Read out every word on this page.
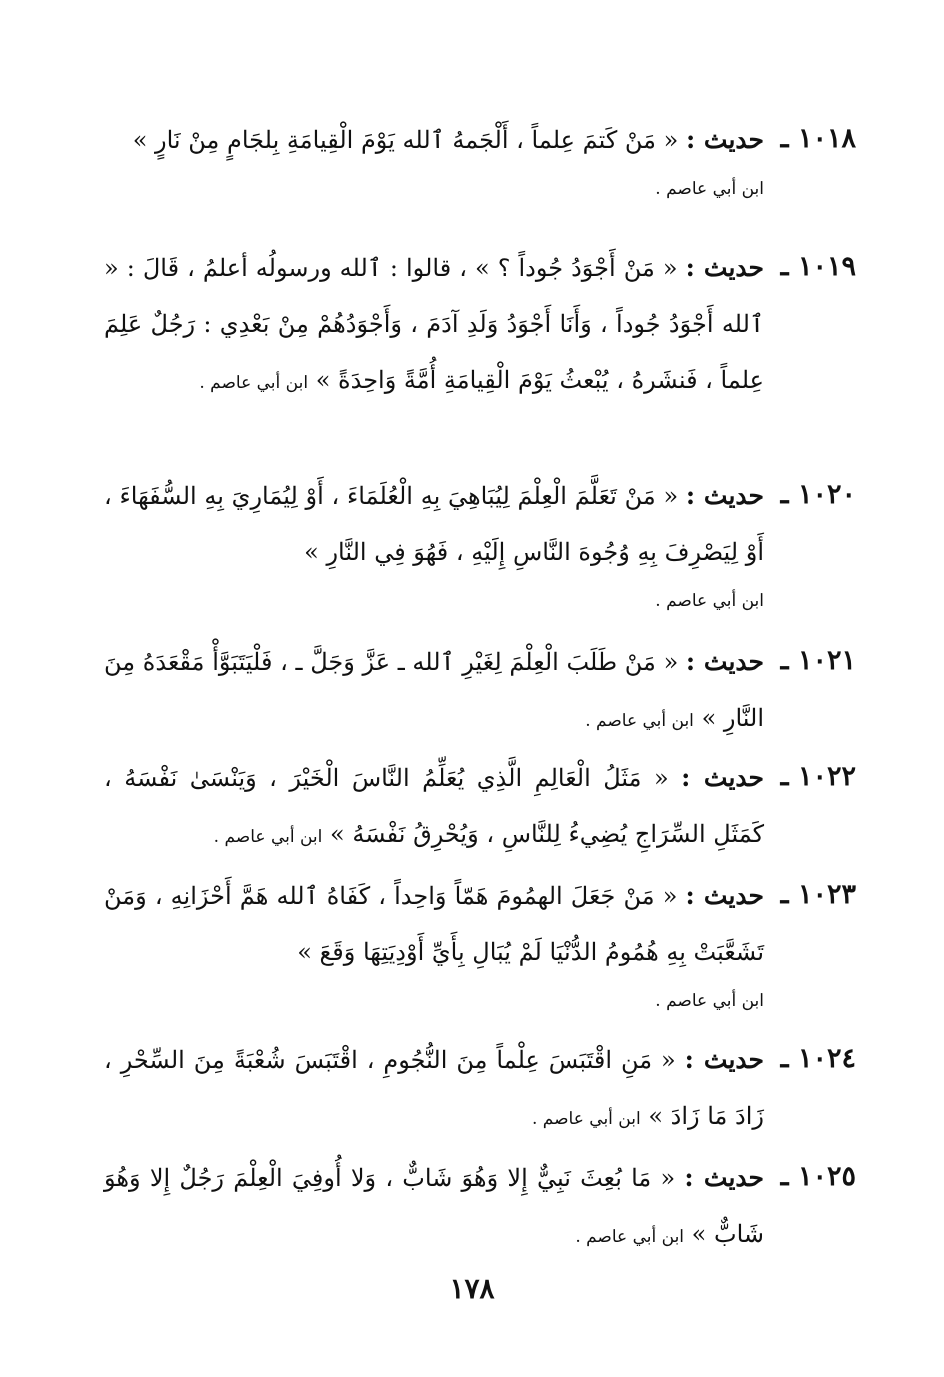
١٠١٨ ـ
حديث : « مَنْ كَتمَ عِلماً ، أَلْجَمهُ ٱلله يَوْمَ الْقِيامَةِ بِلجَامٍ مِنْ نَارٍ »
ابن أبي عاصم .
١٠١٩ ـ
حديث : « مَنْ أَجْوَدُ جُوداً ؟ » ، قالوا : ٱلله ورسولُه أعلمُ ، قَالَ : « ٱلله أَجْوَدُ جُوداً ، وَأَنَا أَجْوَدُ وَلَدِ آدَمَ ، وَأَجْوَدُهُمْ مِنْ بَعْدِي : رَجُلٌ عَلِمَ عِلماً ، فَنشَرهُ ، يُبْعثُ يَوْمَ الْقِيامَةِ أُمَّةً وَاحِدَةً » ابن أبي عاصم .
١٠٢٠ ـ
حديث : « مَنْ تَعَلَّمَ الْعِلْمَ لِيُبَاهِيَ بِهِ الْعُلَمَاءَ ، أَوْ لِيُمَارِيَ بِهِ السُّفَهَاءَ ، أَوْ لِيَصْرِفَ بِهِ وُجُوهَ النَّاسِ إِلَيْهِ ، فَهُوَ فِي النَّارِ »
ابن أبي عاصم .
١٠٢١ ـ
حديث : « مَنْ طَلَبَ الْعِلْمَ لِغَيْرِ ٱلله ـ عَزَّ وَجَلَّ ـ ، فَلْيَتَبَوَّأْ مَقْعَدَهُ مِنَ النَّارِ » ابن أبي عاصم .
١٠٢٢ ـ
حديث : « مَثَلُ الْعَالِمِ الَّذِي يُعَلِّمُ النَّاسَ الْخَيْرَ ، وَيَنْسَىٰ نَفْسَهُ ، كَمَثَلِ السِّرَاجِ يُضِيءُ لِلنَّاسِ ، وَيُحْرِقُ نَفْسَهُ » ابن أبي عاصم .
١٠٢٣ ـ
حديث : « مَنْ جَعَلَ الهمُومَ هَمّاً وَاحِداً ، كَفَاهُ ٱلله هَمَّ أَحْزَانِهِ ، وَمَنْ تَشَعَّبَتْ بِهِ هُمُومُ الدُّنْيَا لَمْ يُبَالِ بِأَيِّ أَوْدِيَتِهَا وَقَعَ »
ابن أبي عاصم .
١٠٢٤ ـ
حديث : « مَنِ اقْتَبَسَ عِلْماً مِنَ النُّجُومِ ، اقْتَبَسَ شُعْبَةً مِنَ السِّحْرِ ، زَادَ مَا زَادَ » ابن أبي عاصم .
١٠٢٥ ـ
حديث : « مَا بُعِثَ نَبِيٌّ إِلا وَهُوَ شَابٌّ ، وَلا أُوفِيَ الْعِلْمَ رَجُلٌ إِلا وَهُوَ شَابٌّ » ابن أبي عاصم .
١٧٨
